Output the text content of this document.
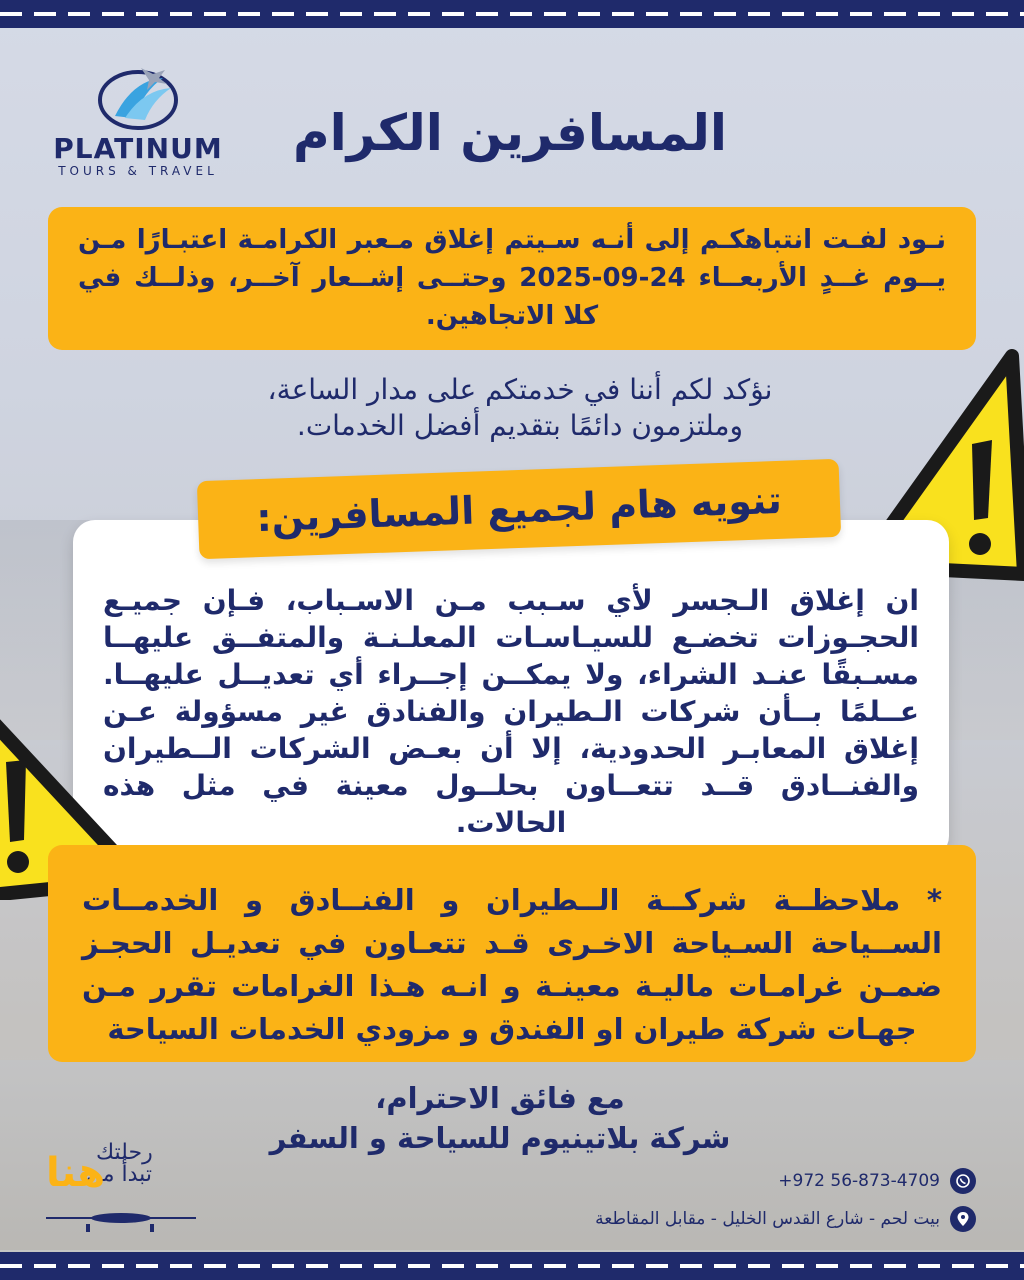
PLATINUM
TOURS & TRAVEL
المسافرين الكرام
نـود لفـت انتباهكـم إلى أنـه سـيتم إغلاق مـعبر الكرامـة اعتبـارًا مـن يــوم غــدٍ الأربعــاء 24-09-2025 وحتــى إشــعار آخــر، وذلــك في كلا الاتجاهين.
نؤكد لكم أننا في خدمتكم على مدار الساعة،
وملتزمون دائمًا بتقديم أفضل الخدمات.
ان إغلاق الـجسر لأي سـبب مـن الاسـباب، فـإن جميـع الحجـوزات تخضـع للسيـاسـات المعلـنـة والمتفــق عليهــا مسـبقًا عنـد الشراء، ولا يمكــن إجــراء أي تعديــل عليهــا. عــلمًا بــأن شركات الـطيران والفنادق غير مسؤولة عـن إغلاق المعابـر الحدودية، إلا أن بعـض الشركات الــطيران والفنــادق قــد تتعــاون بحلــول معينة في مثل هذه الحالات.
تنويه هام لجميع المسافرين:
* ملاحظــة شركــة الــطيران و الفنــادق و الخدمــات الســياحة السـياحة الاخـرى قـد تتعـاون في تعديـل الحجـز ضمـن غرامـات ماليـة معينـة و انـه هـذا الغرامات تقرر مـن جهـات شركة طيران او الفندق و مزودي الخدمات السياحة
مع فائق الاحترام،
شركة بلاتينيوم للسياحة و السفر
رحلتك
تبدأ من
هنا	+972 56-873-4709
بيت لحم - شارع القدس الخليل - مقابل المقاطعة
